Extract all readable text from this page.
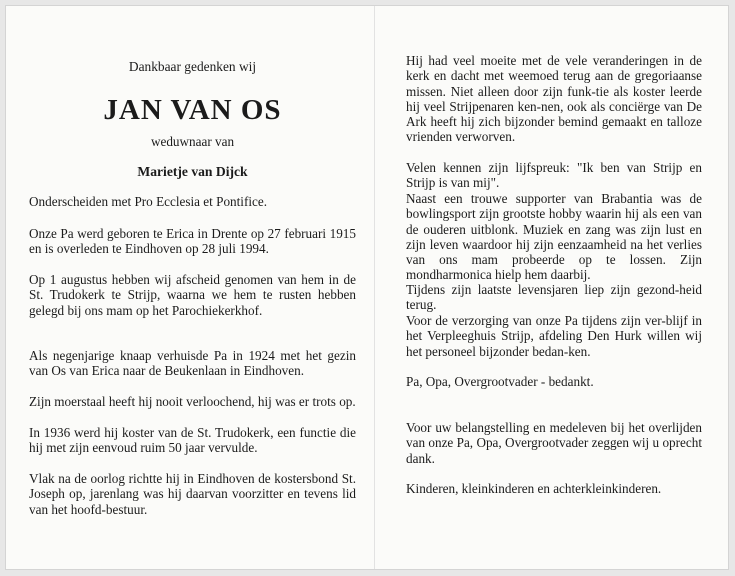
Dankbaar gedenken wij
JAN VAN OS
weduwnaar van
Marietje van Dijck

Onderscheiden met Pro Ecclesia et Pontifice.

Onze Pa werd geboren te Erica in Drente op 27 februari 1915 en is overleden te Eindhoven op 28 juli 1994.

Op 1 augustus hebben wij afscheid genomen van hem in de St. Trudokerk te Strijp, waarna we hem te rusten hebben gelegd bij ons mam op het Parochiekerkhof.

Als negenjarige knaap verhuisde Pa in 1924 met het gezin van Os van Erica naar de Beukenlaan in Eindhoven.

Zijn moerstaal heeft hij nooit verloochend, hij was er trots op.

In 1936 werd hij koster van de St. Trudokerk, een functie die hij met zijn eenvoud ruim 50 jaar vervulde.

Vlak na de oorlog richtte hij in Eindhoven de kostersbond St. Joseph op, jarenlang was hij daarvan voorzitter en tevens lid van het hoofd-bestuur.

Hij had veel moeite met de vele veranderingen in de kerk en dacht met weemoed terug aan de gregoriaanse missen. Niet alleen door zijn funk-tie als koster leerde hij veel Strijpenaren ken-nen, ook als conciërge van De Ark heeft hij zich bijzonder bemind gemaakt en talloze vrienden verworven.

Velen kennen zijn lijfspreuk: "Ik ben van Strijp en Strijp is van mij".

Naast een trouwe supporter van Brabantia was de bowlingsport zijn grootste hobby waarin hij als een van de ouderen uitblonk. Muziek en zang was zijn lust en zijn leven waardoor hij zijn eenzaamheid na het verlies van ons mam probeerde op te lossen. Zijn mondharmonica hielp hem daarbij.

Tijdens zijn laatste levensjaren liep zijn gezond-heid terug.

Voor de verzorging van onze Pa tijdens zijn ver-blijf in het Verpleeghuis Strijp, afdeling Den Hurk willen wij het personeel bijzonder bedan-ken.

Pa, Opa, Overgrootvader - bedankt.

Voor uw belangstelling en medeleven bij het overlijden van onze Pa, Opa, Overgrootvader zeggen wij u oprecht dank.

Kinderen, kleinkinderen en achterkleinkinderen.
